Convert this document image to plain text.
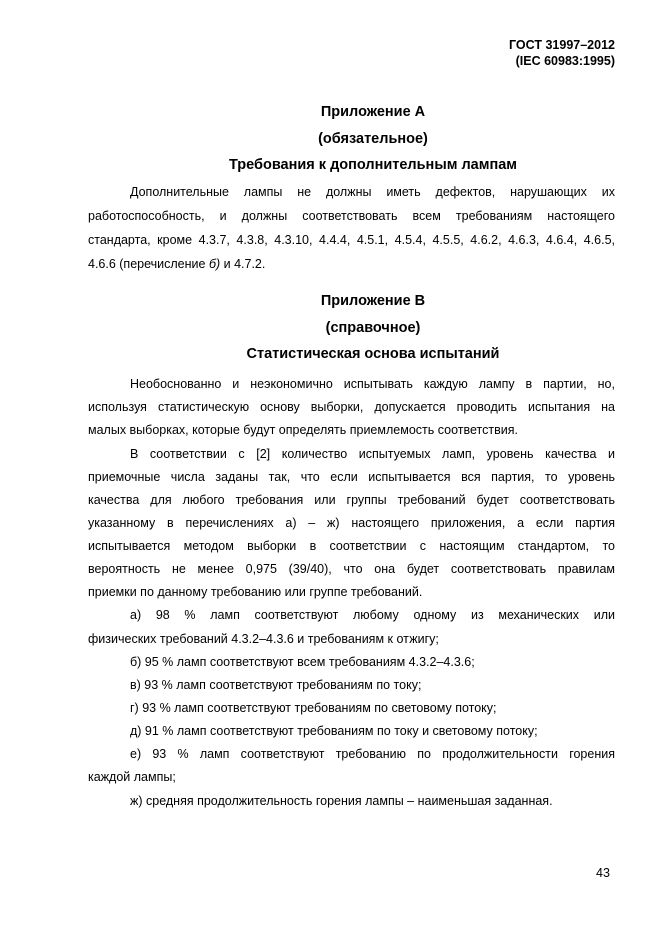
ГОСТ 31997–2012
(IEC 60983:1995)
Приложение А
(обязательное)
Требования к дополнительным лампам
Дополнительные лампы не должны иметь дефектов, нарушающих их
работоспособность, и должны соответствовать всем требованиям настоящего
стандарта, кроме 4.3.7, 4.3.8, 4.3.10, 4.4.4, 4.5.1, 4.5.4, 4.5.5, 4.6.2, 4.6.3, 4.6.4, 4.6.5,
4.6.6 (перечисление б) и 4.7.2.
Приложение В
(справочное)
Статистическая основа испытаний
Необоснованно и неэкономично испытывать каждую лампу в партии, но,
используя статистическую основу выборки, допускается проводить испытания на
малых выборках, которые будут определять приемлемость соответствия.
В соответствии с [2] количество испытуемых ламп, уровень качества и
приемочные числа заданы так, что если испытывается вся партия, то уровень
качества для любого требования или группы требований будет соответствовать
указанному в перечислениях а) – ж) настоящего приложения, а если партия
испытывается методом выборки в соответствии с настоящим стандартом, то
вероятность не менее 0,975 (39/40), что она будет соответствовать правилам
приемки по данному требованию или группе требований.
а) 98 % ламп соответствуют любому одному из механических или
физических требований 4.3.2–4.3.6 и требованиям к отжигу;
б) 95 % ламп соответствуют всем требованиям 4.3.2–4.3.6;
в) 93 % ламп соответствуют требованиям по току;
г) 93 % ламп соответствуют требованиям по световому потоку;
д) 91 % ламп соответствуют требованиям по току и световому потоку;
е) 93 % ламп соответствуют требованию по продолжительности горения
каждой лампы;
ж) средняя продолжительность горения лампы – наименьшая заданная.
43
